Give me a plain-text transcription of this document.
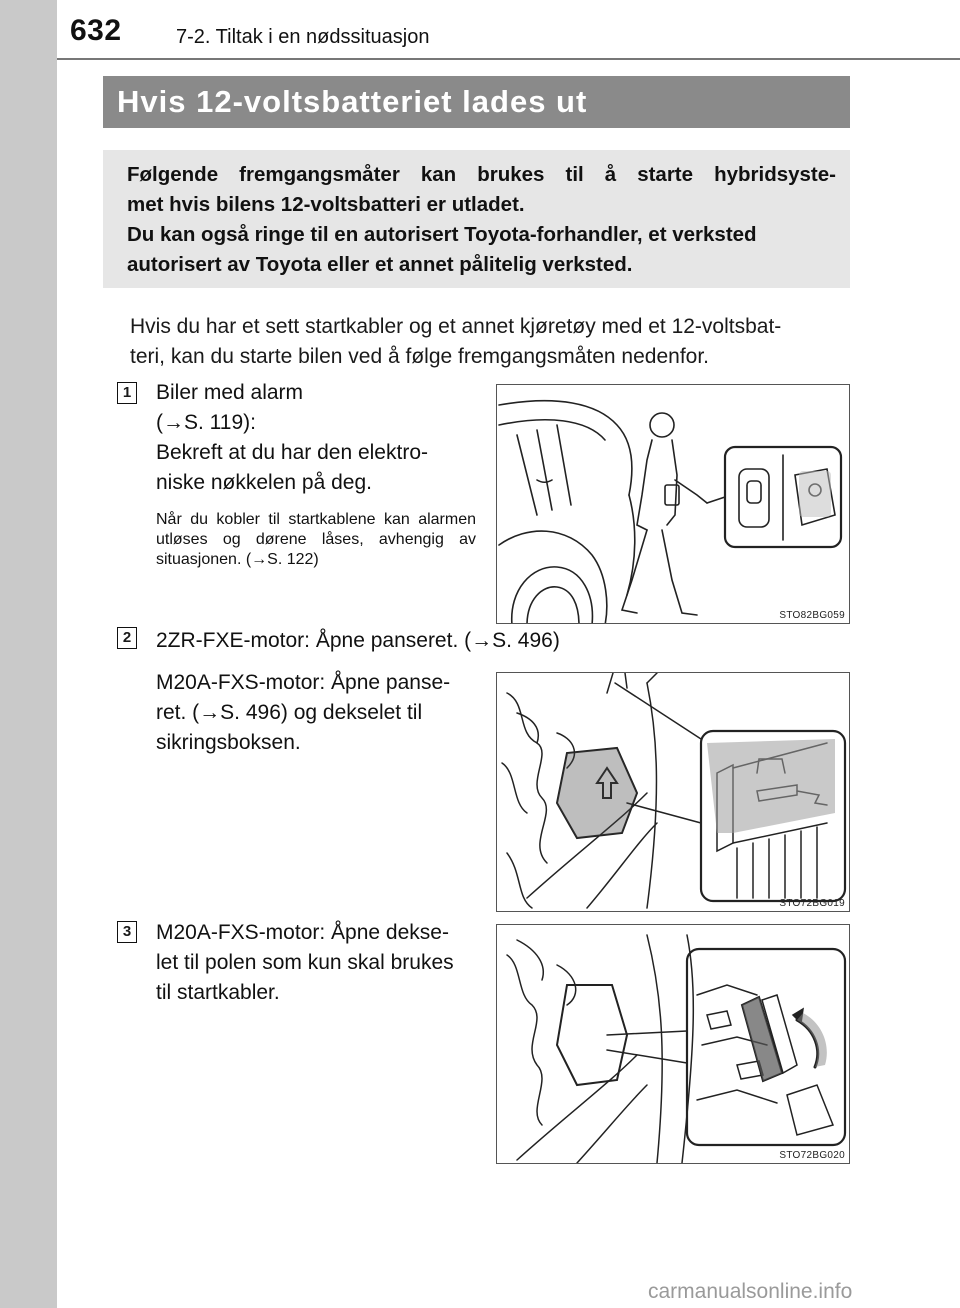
632	7-2. Tiltak i en nødssituasjon
Hvis 12-voltsbatteriet lades ut

Følgende fremgangsmåter kan brukes til å starte hybridsyste-

met hvis bilens 12-voltsbatteri er utladet.

Du kan også ringe til en autorisert Toyota-forhandler, et verksted

autorisert av Toyota eller et annet pålitelig verksted.

Hvis du har et sett startkabler og et annet kjøretøy med et 12-voltsbat-
teri, kan du starte bilen ved å følge fremgangsmåten nedenfor.
1 Biler med alarm
(→S. 119):
Bekreft at du har den elektro-
niske nøkkelen på deg.
Når du kobler til startkablene kan alarmen utløses og dørene låses, avhengig av situasjonen. (→S. 122)
STO82BG059
2 2ZR-FXE-motor: Åpne panseret. (→S. 496)
M20A-FXS-motor: Åpne panse-
ret. (→S. 496) og dekselet til
sikringsboksen.
STO72BG019
3 M20A-FXS-motor: Åpne dekse-
let til polen som kun skal brukes
til startkabler.
STO72BG020
carmanualsonline.info
